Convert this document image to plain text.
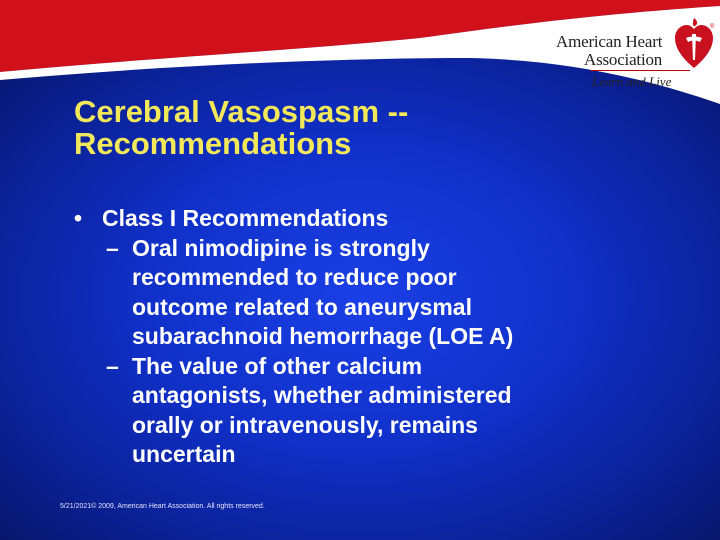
American Heart
Association
Learn and Live
®
Cerebral Vasospasm --
Recommendations
• Class I Recommendations
– Oral nimodipine is strongly
recommended to reduce poor
outcome related to aneurysmal
subarachnoid hemorrhage (LOE A)
– The value of other calcium
antagonists, whether administered
orally or intravenously, remains
uncertain
5/21/2021© 2009, American Heart Association. All rights reserved.
